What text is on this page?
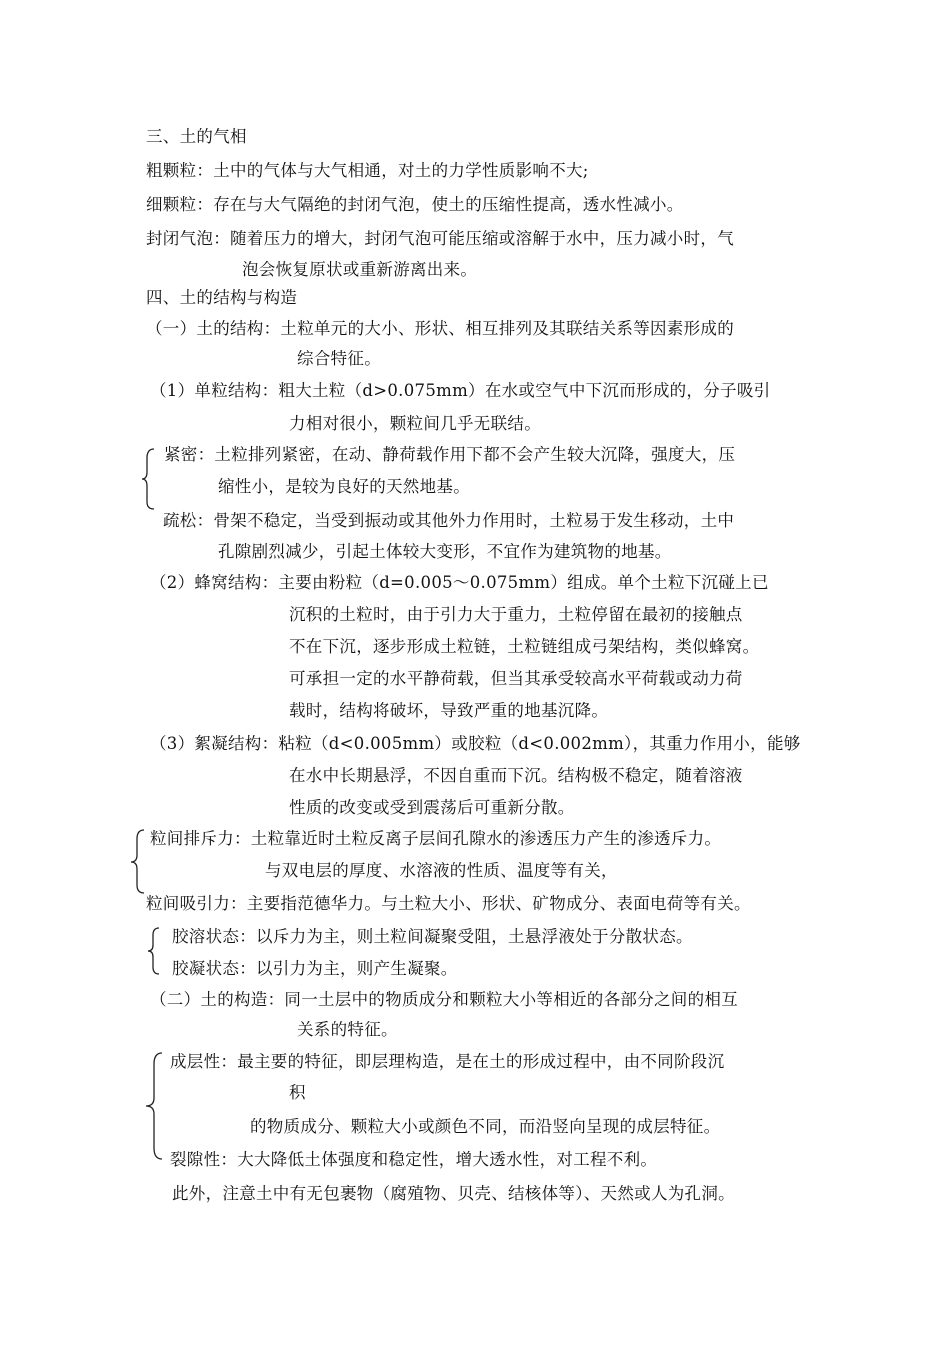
三、土的气相
粗颗粒：土中的气体与大气相通，对土的力学性质影响不大;
细颗粒：存在与大气隔绝的封闭气泡，使土的压缩性提高，透水性减小。
封闭气泡：随着压力的增大，封闭气泡可能压缩或溶解于水中，压力减小时，气
泡会恢复原状或重新游离出来。
四、土的结构与构造
（一）土的结构：土粒单元的大小、形状、相互排列及其联结关系等因素形成的
综合特征。
（1）单粒结构：粗大土粒（d>0.075mm）在水或空气中下沉而形成的，分子吸引
力相对很小，颗粒间几乎无联结。
紧密：土粒排列紧密，在动、静荷载作用下都不会产生较大沉降，强度大，压
缩性小，是较为良好的天然地基。
疏松：骨架不稳定，当受到振动或其他外力作用时，土粒易于发生移动，土中
孔隙剧烈减少，引起土体较大变形，不宜作为建筑物的地基。
（2）蜂窝结构：主要由粉粒（d=0.005～0.075mm）组成。单个土粒下沉碰上已
沉积的土粒时，由于引力大于重力，土粒停留在最初的接触点
不在下沉，逐步形成土粒链，土粒链组成弓架结构，类似蜂窝。
可承担一定的水平静荷载，但当其承受较高水平荷载或动力荷
载时，结构将破坏，导致严重的地基沉降。
（3）絮凝结构：粘粒（d<0.005mm）或胶粒（d<0.002mm），其重力作用小，能够
在水中长期悬浮，不因自重而下沉。结构极不稳定，随着溶液
性质的改变或受到震荡后可重新分散。
粒间排斥力：土粒靠近时土粒反离子层间孔隙水的渗透压力产生的渗透斥力。
与双电层的厚度、水溶液的性质、温度等有关，
粒间吸引力：主要指范德华力。与土粒大小、形状、矿物成分、表面电荷等有关。
胶溶状态：以斥力为主，则土粒间凝聚受阻，土悬浮液处于分散状态。
胶凝状态：以引力为主，则产生凝聚。
（二）土的构造：同一土层中的物质成分和颗粒大小等相近的各部分之间的相互
关系的特征。
成层性：最主要的特征，即层理构造，是在土的形成过程中，由不同阶段沉
积
的物质成分、颗粒大小或颜色不同，而沿竖向呈现的成层特征。
裂隙性：大大降低土体强度和稳定性，增大透水性，对工程不利。
此外，注意土中有无包裹物（腐殖物、贝壳、结核体等）、天然或人为孔洞。
